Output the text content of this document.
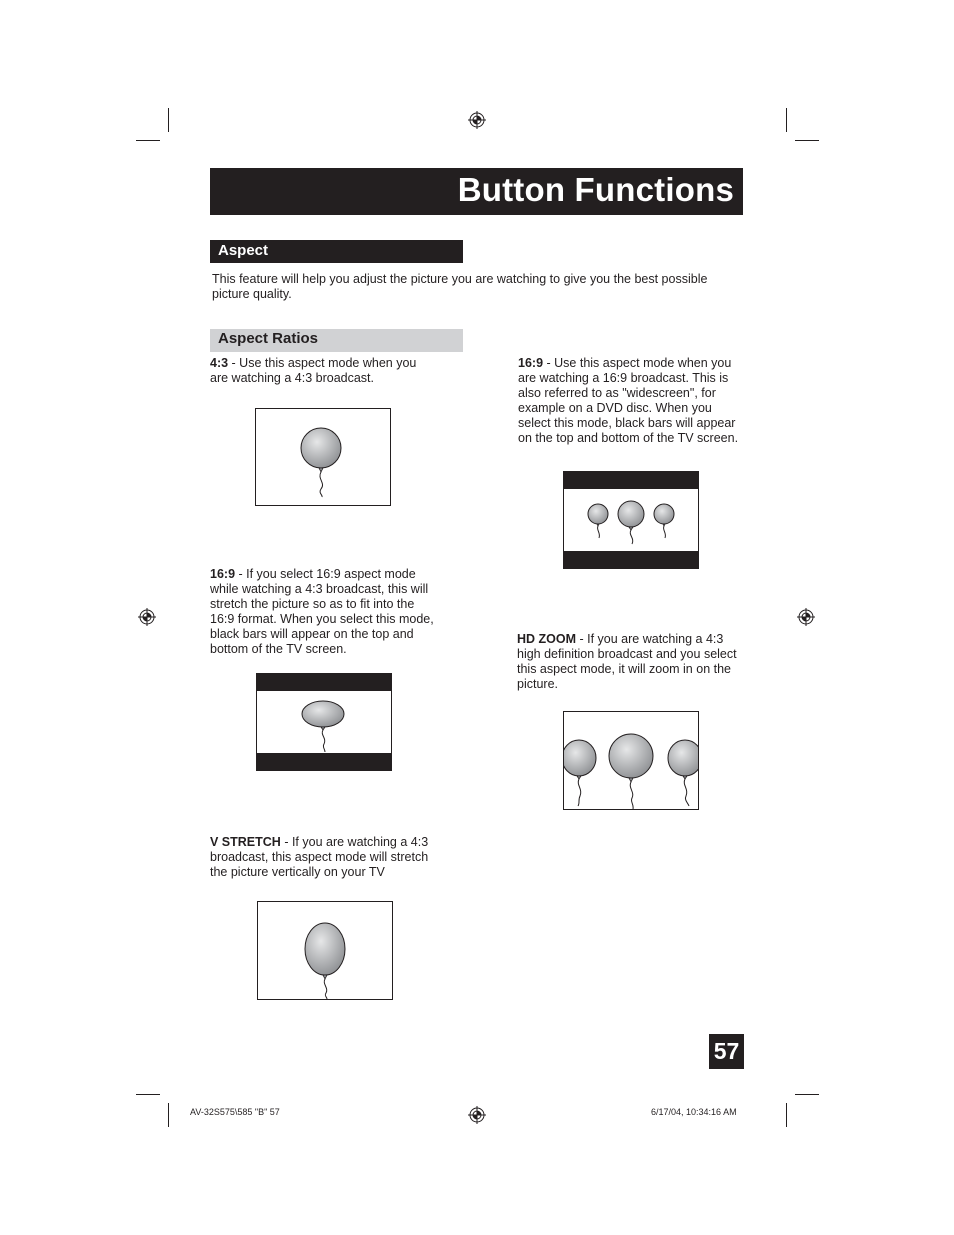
Button Functions
Aspect
This feature will help you adjust the picture you are watching to give you the best possible picture quality.
Aspect Ratios
4:3 - Use this aspect mode when you are watching a 4:3 broadcast.
16:9 - If you select 16:9 aspect mode while watching a 4:3 broadcast, this will stretch the picture so as to fit into the 16:9 format. When you select this mode, black bars will appear on the top and bottom of the TV screen.
V STRETCH - If you are watching a 4:3 broadcast, this aspect mode will stretch the picture vertically on your TV
16:9 - Use this aspect mode when you are watching a 16:9 broadcast. This is also referred to as "widescreen", for example on a DVD disc. When you select this mode, black bars will appear on the top and bottom of the TV screen.
HD ZOOM - If you are watching a 4:3 high definition broadcast and you select this aspect mode, it will zoom in on the picture.
57
AV-32S575\585 "B" 57	6/17/04, 10:34:16 AM
